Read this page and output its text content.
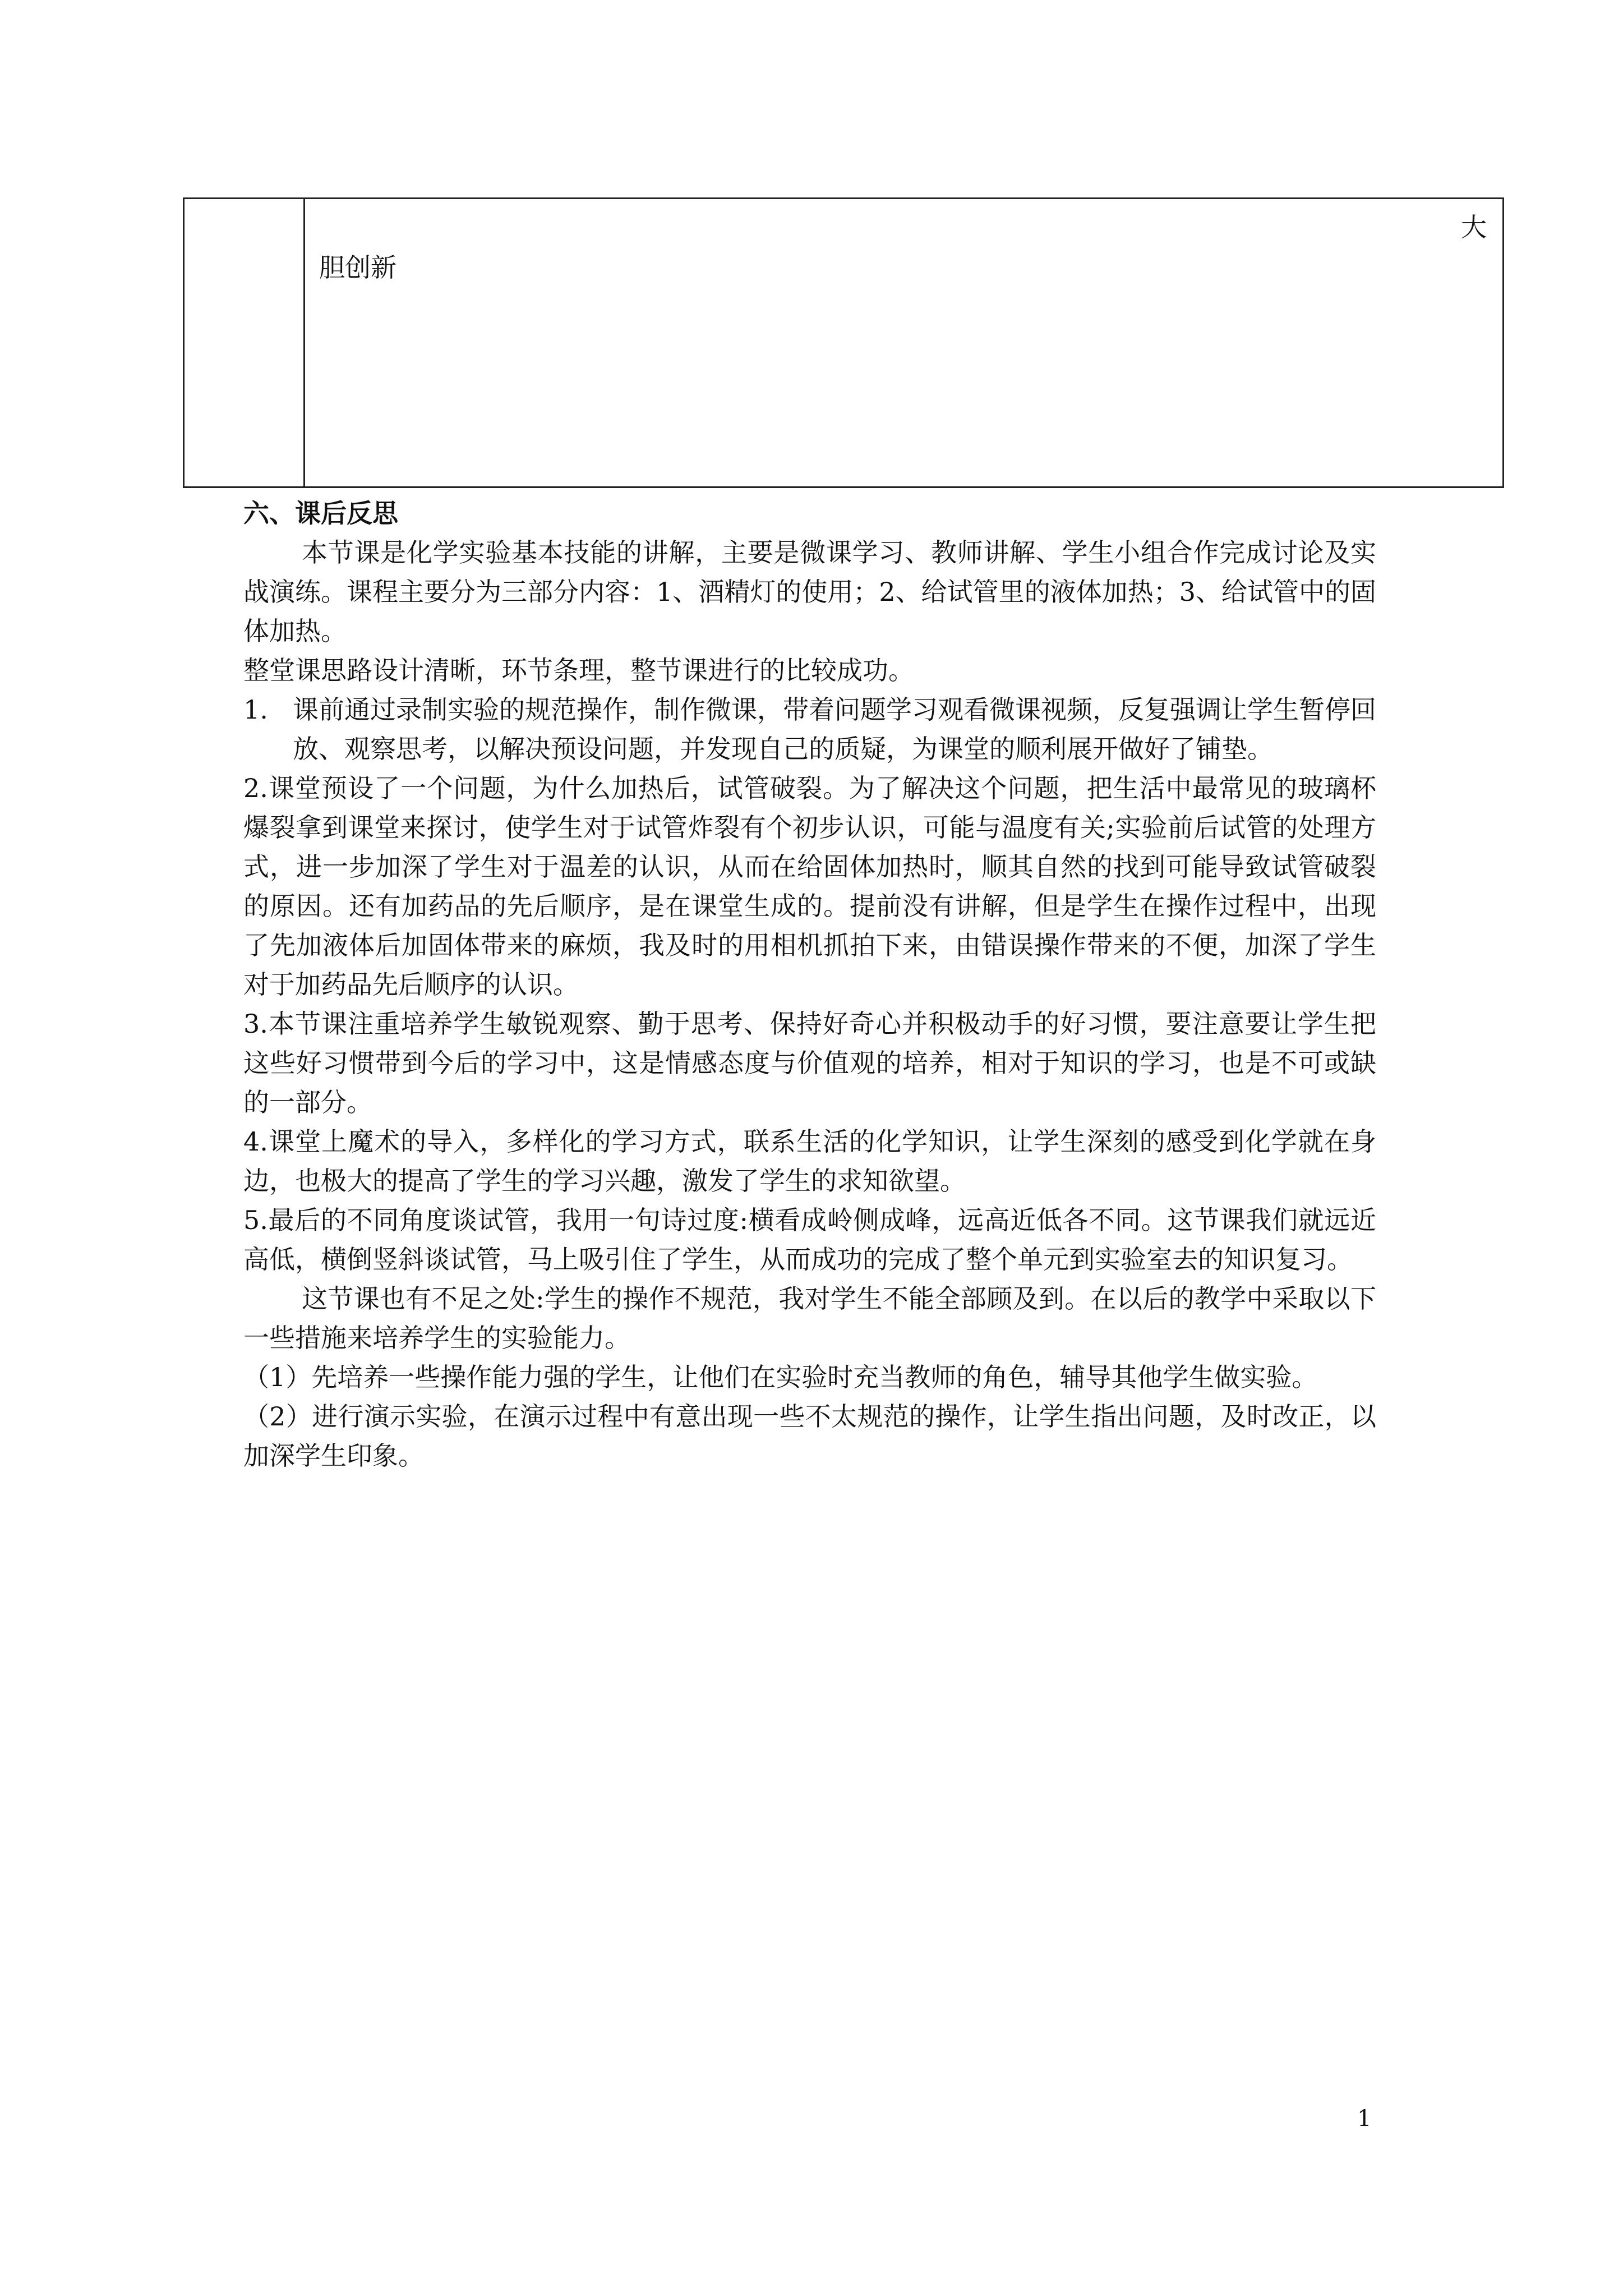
大
胆创新

六、课后反思

本节课是化学实验基本技能的讲解，主要是微课学习、教师讲解、学生小组合作完成讨论及实战演练。课程主要分为三部分内容：1、酒精灯的使用；2、给试管里的液体加热；3、给试管中的固体加热。

整堂课思路设计清晰，环节条理，整节课进行的比较成功。

1. 课前通过录制实验的规范操作，制作微课，带着问题学习观看微课视频，反复强调让学生暂停回放、观察思考，以解决预设问题，并发现自己的质疑，为课堂的顺利展开做好了铺垫。

2.课堂预设了一个问题，为什么加热后，试管破裂。为了解决这个问题，把生活中最常见的玻璃杯爆裂拿到课堂来探讨，使学生对于试管炸裂有个初步认识，可能与温度有关;实验前后试管的处理方式，进一步加深了学生对于温差的认识，从而在给固体加热时，顺其自然的找到可能导致试管破裂的原因。还有加药品的先后顺序，是在课堂生成的。提前没有讲解，但是学生在操作过程中，出现了先加液体后加固体带来的麻烦，我及时的用相机抓拍下来，由错误操作带来的不便，加深了学生对于加药品先后顺序的认识。

3.本节课注重培养学生敏锐观察、勤于思考、保持好奇心并积极动手的好习惯，要注意要让学生把这些好习惯带到今后的学习中，这是情感态度与价值观的培养，相对于知识的学习，也是不可或缺的一部分。

4.课堂上魔术的导入，多样化的学习方式，联系生活的化学知识，让学生深刻的感受到化学就在身边，也极大的提高了学生的学习兴趣，激发了学生的求知欲望。

5.最后的不同角度谈试管，我用一句诗过度:横看成岭侧成峰，远高近低各不同。这节课我们就远近高低，横倒竖斜谈试管，马上吸引住了学生，从而成功的完成了整个单元到实验室去的知识复习。

这节课也有不足之处:学生的操作不规范，我对学生不能全部顾及到。在以后的教学中采取以下一些措施来培养学生的实验能力。

（1）先培养一些操作能力强的学生，让他们在实验时充当教师的角色，辅导其他学生做实验。

（2）进行演示实验，在演示过程中有意出现一些不太规范的操作，让学生指出问题，及时改正，以加深学生印象。

1
